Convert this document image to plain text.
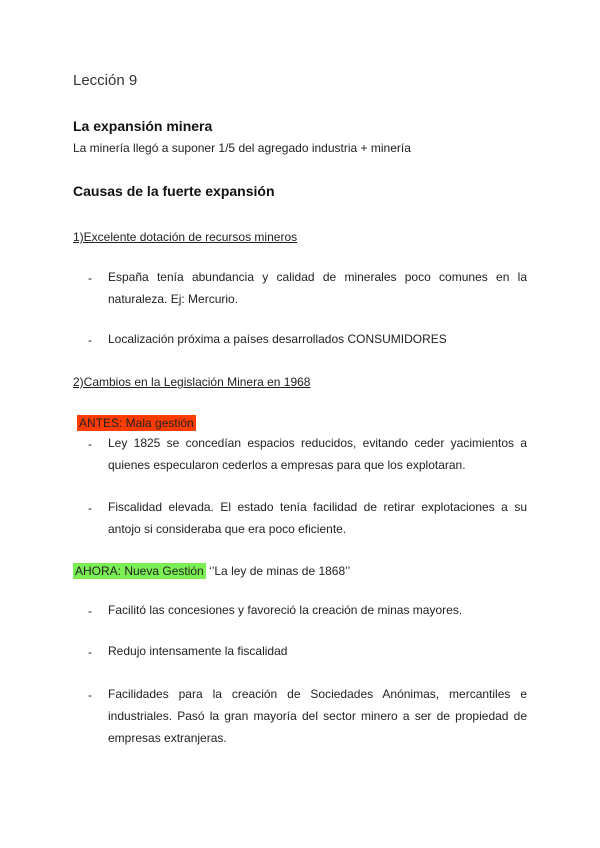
Lección 9
La expansión minera
La minería llegó a suponer 1/5 del agregado industria + minería
Causas de la fuerte expansión
1)Excelente dotación de recursos mineros
- España tenía abundancia y calidad de minerales poco comunes en la naturaleza. Ej: Mercurio.
- Localización próxima a países desarrollados CONSUMIDORES
2)Cambios en la Legislación Minera en 1968
ANTES: Mala gestión
- Ley 1825 se concedían espacios reducidos, evitando ceder yacimientos a quienes especularon cederlos a empresas para que los explotaran.
- Fiscalidad elevada. El estado tenía facilidad de retirar explotaciones a su antojo si consideraba que era poco eficiente.
AHORA: Nueva Gestión ‘’La ley de minas de 1868’’
- Facilitó las concesiones y favoreció la creación de minas mayores.
- Redujo intensamente la fiscalidad
- Facilidades para la creación de Sociedades Anónimas, mercantiles e industriales. Pasó la gran mayoría del sector minero a ser de propiedad de empresas extranjeras.
